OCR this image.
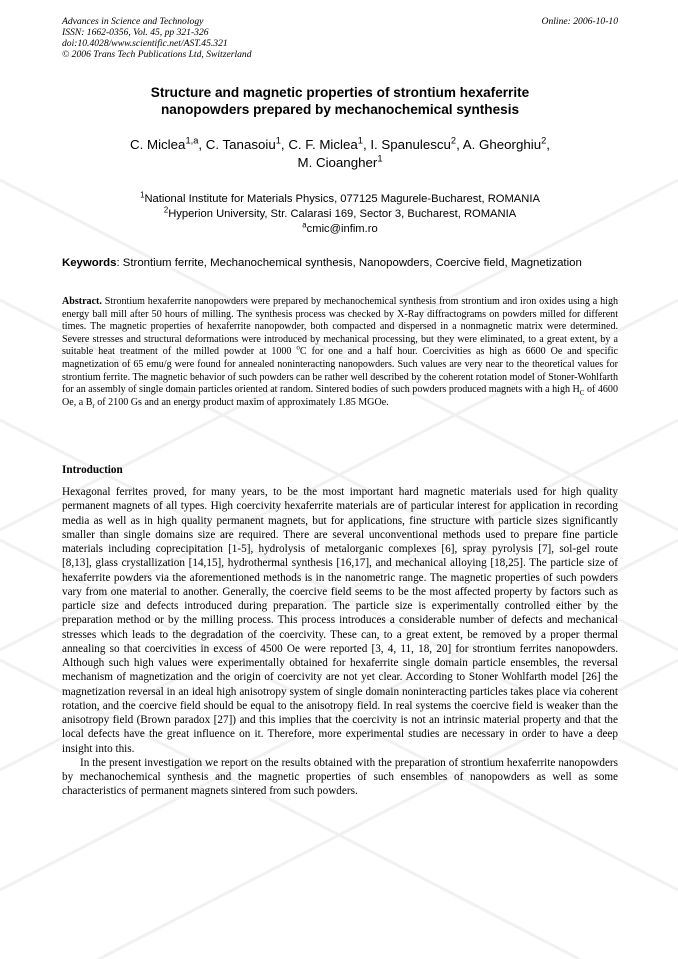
Advances in Science and Technology
ISSN: 1662-0356, Vol. 45, pp 321-326
doi:10.4028/www.scientific.net/AST.45.321
© 2006 Trans Tech Publications Ltd, Switzerland
Online: 2006-10-10
Structure and magnetic properties of strontium hexaferrite
nanopowders prepared by mechanochemical synthesis
C. Miclea$^{1,a}$, C. Tanasoiu$^1$, C. F. Miclea$^1$, I. Spanulescu$^2$, A. Gheorghiu$^2$,
M. Cioangher$^1$
$^1$National Institute for Materials Physics, 077125 Magurele-Bucharest, ROMANIA
$^2$Hyperion University, Str. Calarasi 169, Sector 3, Bucharest, ROMANIA
$^a$cmic@infim.ro
Keywords: Strontium ferrite, Mechanochemical synthesis, Nanopowders, Coercive field, Magnetization
Abstract. Strontium hexaferrite nanopowders were prepared by mechanochemical synthesis from strontium and iron oxides using a high energy ball mill after 50 hours of milling. The synthesis process was checked by X-Ray diffractograms on powders milled for different times. The magnetic properties of hexaferrite nanopowder, both compacted and dispersed in a nonmagnetic matrix were determined. Severe stresses and structural deformations were introduced by mechanical processing, but they were eliminated, to a great extent, by a suitable heat treatment of the milled powder at 1000 $^o$C for one and a half hour. Coercivities as high as 6600 Oe and specific magnetization of 65 emu/g were found for annealed noninteracting nanopowders. Such values are very near to the theoretical values for strontium ferrite. The magnetic behavior of such powders can be rather well described by the coherent rotation model of Stoner-Wohlfarth for an assembly of single domain particles oriented at random. Sintered bodies of such powders produced magnets with a high $H_C$ of 4600 Oe, a $B_r$ of 2100 Gs and an energy product maxim of approximately 1.85 MGOe.
Introduction

Hexagonal ferrites proved, for many years, to be the most important hard magnetic materials used for high quality permanent magnets of all types. High coercivity hexaferrite materials are of particular interest for application in recording media as well as in high quality permanent magnets, but for applications, fine structure with particle sizes significantly smaller than single domains size are required. There are several unconventional methods used to prepare fine particle materials including coprecipitation [1-5], hydrolysis of metalorganic complexes [6], spray pyrolysis [7], sol-gel route [8,13], glass crystallization [14,15], hydrothermal synthesis [16,17], and mechanical alloying [18,25]. The particle size of hexaferrite powders via the aforementioned methods is in the nanometric range. The magnetic properties of such powders vary from one material to another. Generally, the coercive field seems to be the most affected property by factors such as particle size and defects introduced during preparation. The particle size is experimentally controlled either by the preparation method or by the milling process. This process introduces a considerable number of defects and mechanical stresses which leads to the degradation of the coercivity. These can, to a great extent, be removed by a proper thermal annealing so that coercivities in excess of 4500 Oe were reported [3, 4, 11, 18, 20] for strontium ferrites nanopowders. Although such high values were experimentally obtained for hexaferrite single domain particle ensembles, the reversal mechanism of magnetization and the origin of coercivity are not yet clear. According to Stoner Wohlfarth model [26] the magnetization reversal in an ideal high anisotropy system of single domain noninteracting particles takes place via coherent rotation, and the coercive field should be equal to the anisotropy field. In real systems the coercive field is weaker than the anisotropy field (Brown paradox [27]) and this implies that the coercivity is not an intrinsic material property and that the local defects have the great influence on it. Therefore, more experimental studies are necessary in order to have a deep insight into this.

In the present investigation we report on the results obtained with the preparation of strontium hexaferrite nanopowders by mechanochemical synthesis and the magnetic properties of such ensembles of nanopowders as well as some characteristics of permanent magnets sintered from such powders.
